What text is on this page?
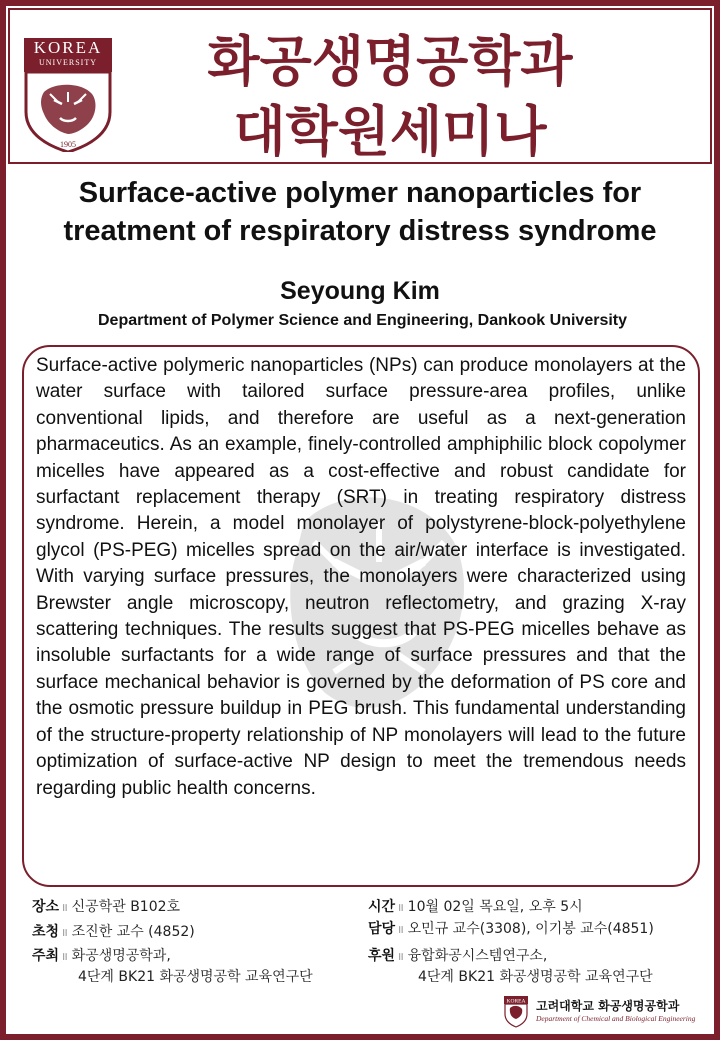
KOREA
UNIVERSITY
1905
화공생명공학과
대학원세미나
Surface-active polymer nanoparticles for
treatment of respiratory distress syndrome
Seyoung Kim
Department of Polymer Science and Engineering, Dankook University
Surface-active polymeric nanoparticles (NPs) can produce monolayers at the water surface with tailored surface pressure-area profiles, unlike conventional lipids, and therefore are useful as a next-generation pharmaceutics. As an example, finely-controlled amphiphilic block copolymer micelles have appeared as a cost-effective and robust candidate for surfactant replacement therapy (SRT) in treating respiratory distress syndrome. Herein, a model monolayer of polystyrene-block-polyethylene glycol (PS-PEG) micelles spread on the air/water interface is investigated. With varying surface pressures, the monolayers were characterized using Brewster angle microscopy, neutron reflectometry, and grazing X-ray scattering techniques. The results suggest that PS-PEG micelles behave as insoluble surfactants for a wide range of surface pressures and that the surface mechanical behavior is governed by the deformation of PS core and the osmotic pressure buildup in PEG brush. This fundamental understanding of the structure-property relationship of NP monolayers will lead to the future optimization of surface-active NP design to meet the tremendous needs regarding public health concerns.
장소 ॥ 신공학관 B102호
초청 ॥ 조진한 교수 (4852)
주최 ॥ 화공생명공학과,
4단계 BK21 화공생명공학 교육연구단
시간 ॥ 10월 02일 목요일, 오후 5시
담당 ॥ 오민규 교수(3308), 이기봉 교수(4851)
후원 ॥ 융합화공시스템연구소,
4단계 BK21 화공생명공학 교육연구단
KOREA 고려대학교 화공생명공학과
Department of Chemical and Biological Engineering
